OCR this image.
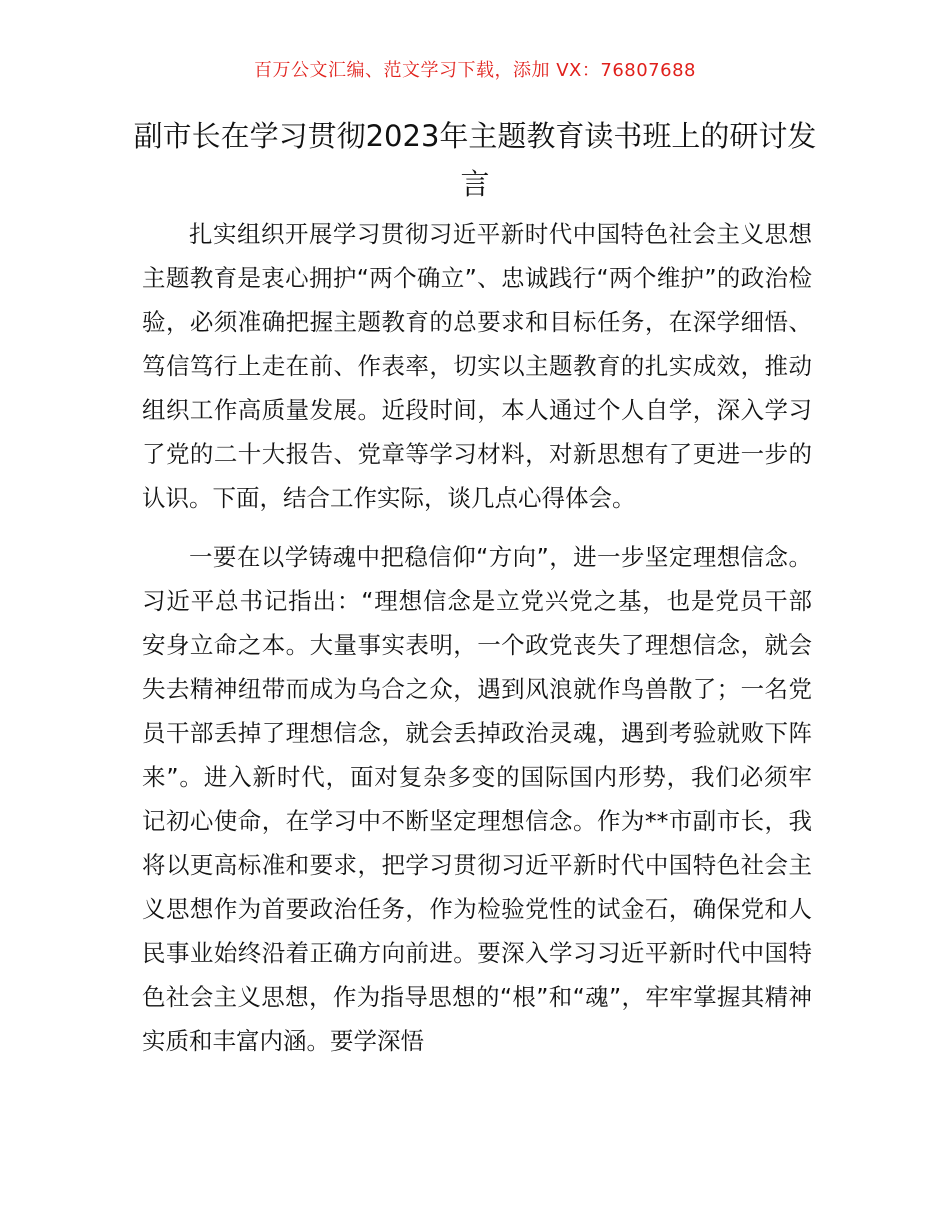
百万公文汇编、范文学习下载，添加 VX：76807688
副市长在学习贯彻2023年主题教育读书班上的研讨发言

扎实组织开展学习贯彻习近平新时代中国特色社会主义思想主题教育是衷心拥护“两个确立”、忠诚践行“两个维护”的政治检验，必须准确把握主题教育的总要求和目标任务，在深学细悟、笃信笃行上走在前、作表率，切实以主题教育的扎实成效，推动组织工作高质量发展。近段时间，本人通过个人自学，深入学习了党的二十大报告、党章等学习材料，对新思想有了更进一步的认识。下面，结合工作实际，谈几点心得体会。

一要在以学铸魂中把稳信仰“方向”，进一步坚定理想信念。习近平总书记指出：“理想信念是立党兴党之基，也是党员干部安身立命之本。大量事实表明，一个政党丧失了理想信念，就会失去精神纽带而成为乌合之众，遇到风浪就作鸟兽散了；一名党员干部丢掉了理想信念，就会丢掉政治灵魂，遇到考验就败下阵来”。进入新时代，面对复杂多变的国际国内形势，我们必须牢记初心使命，在学习中不断坚定理想信念。作为**市副市长，我将以更高标准和要求，把学习贯彻习近平新时代中国特色社会主义思想作为首要政治任务，作为检验党性的试金石，确保党和人民事业始终沿着正确方向前进。要深入学习习近平新时代中国特色社会主义思想，作为指导思想的“根”和“魂”，牢牢掌握其精神实质和丰富内涵。要学深悟
